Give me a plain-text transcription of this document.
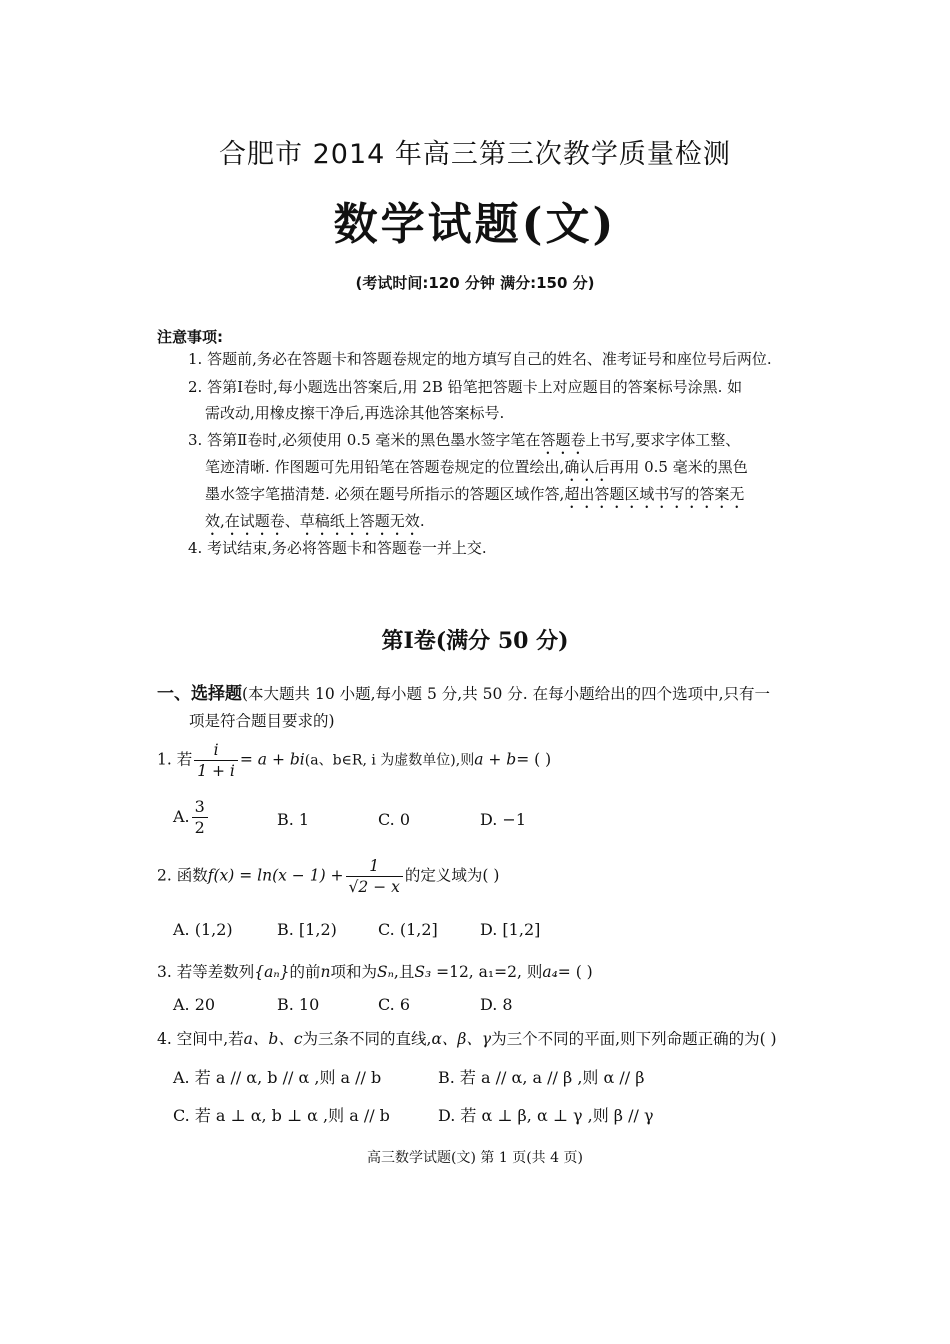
合肥市 2014 年高三第三次教学质量检测
数学试题(文)
(考试时间:120 分钟 满分:150 分)
注意事项:
1. 答题前,务必在答题卡和答题卷规定的地方填写自己的姓名、准考证号和座位号后两位.
2. 答第Ⅰ卷时,每小题选出答案后,用 2B 铅笔把答题卡上对应题目的答案标号涂黑. 如
需改动,用橡皮擦干净后,再选涂其他答案标号.
3. 答第Ⅱ卷时,必须使用 0.5 毫米的黑色墨水签字笔在答题卷上书写,要求字体工整、
笔迹清晰. 作图题可先用铅笔在答题卷规定的位置绘出,确认后再用 0.5 毫米的黑色
墨水签字笔描清楚. 必须在题号所指示的答题区域作答,超出答题区域书写的答案无
效,在试题卷、草稿纸上答题无效.
4. 考试结束,务必将答题卡和答题卷一并上交.
第Ⅰ卷(满分 50 分)
一、选择题(本大题共 10 小题,每小题 5 分,共 50 分. 在每小题给出的四个选项中,只有一
项是符合题目要求的)
1. 若 $\frac{i}{1 + i} = a + bi(a$、b∈R, i 为虚数单位),则a + b= ( )
A. $\frac{3}{2}$	B. 1	C. 0	D. −1
2. 函数$f(x) = \ln(x - 1) + \frac{1}{√2 - x}$ 的定义域为( )
A. (1,2)	B. [1,2)	C. (1,2]	D. [1,2]
3. 若等差数列{aₙ}的前n项和为Sₙ,且S₃ =12, a₁=2, 则a₄= ( )
A. 20	B. 10	C. 6	D. 8
4. 空间中,若a、b、c为三条不同的直线,α、β、γ为三个不同的平面,则下列命题正确的为( )
A. 若 a // α, b // α ,则 a // b	B. 若 a // α, a // β ,则 α // β
C. 若 a ⊥ α, b ⊥ α ,则 a // b	D. 若 α ⊥ β, α ⊥ γ ,则 β // γ
高三数学试题(文) 第 1 页(共 4 页)
